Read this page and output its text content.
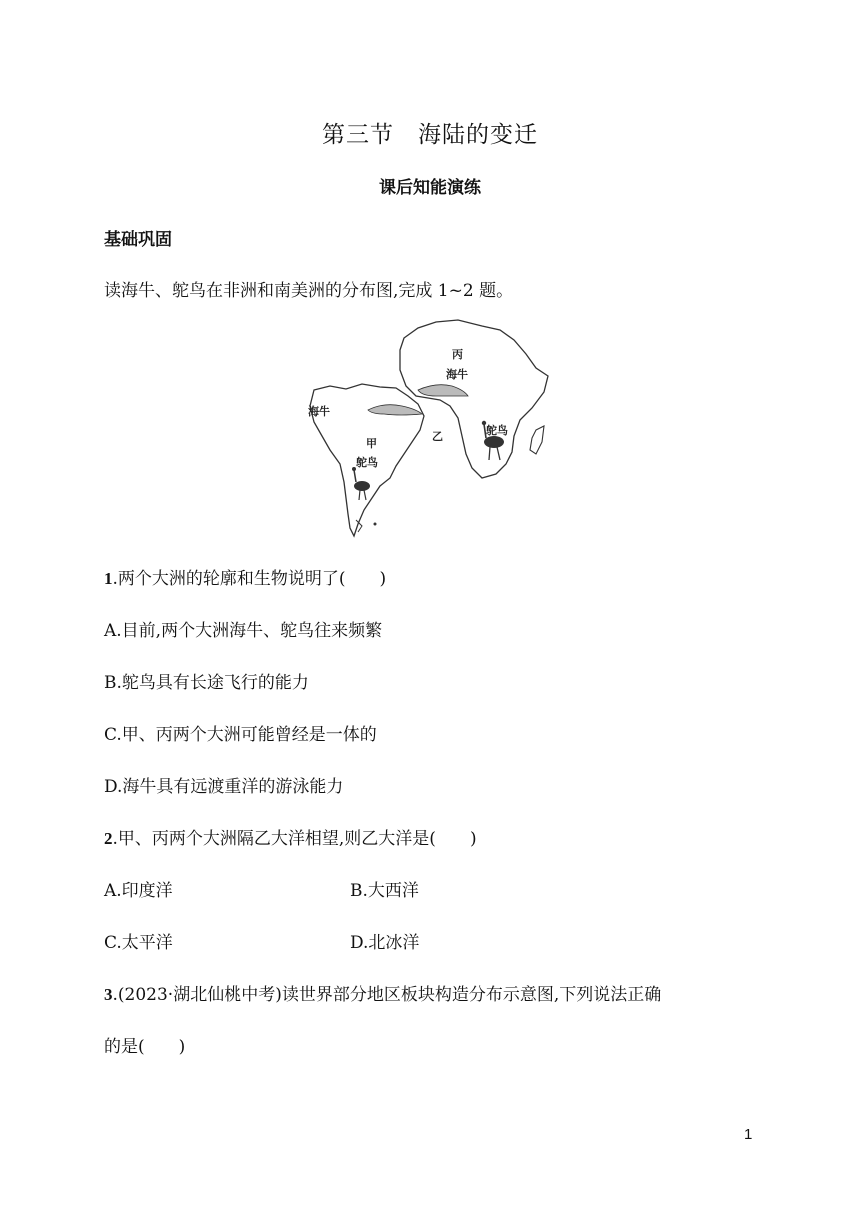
第三节　海陆的变迁
课后知能演练
基础巩固
读海牛、鸵鸟在非洲和南美洲的分布图,完成 1~2 题。
丙
海牛
海牛
甲
鸵鸟
乙	鸵鸟
1.两个大洲的轮廓和生物说明了(　　)
A.目前,两个大洲海牛、鸵鸟往来频繁
B.鸵鸟具有长途飞行的能力
C.甲、丙两个大洲可能曾经是一体的
D.海牛具有远渡重洋的游泳能力
2.甲、丙两个大洲隔乙大洋相望,则乙大洋是(　　)
A.印度洋	B.大西洋
C.太平洋	D.北冰洋
3.(2023·湖北仙桃中考)读世界部分地区板块构造分布示意图,下列说法正确
的是(　　)
1
